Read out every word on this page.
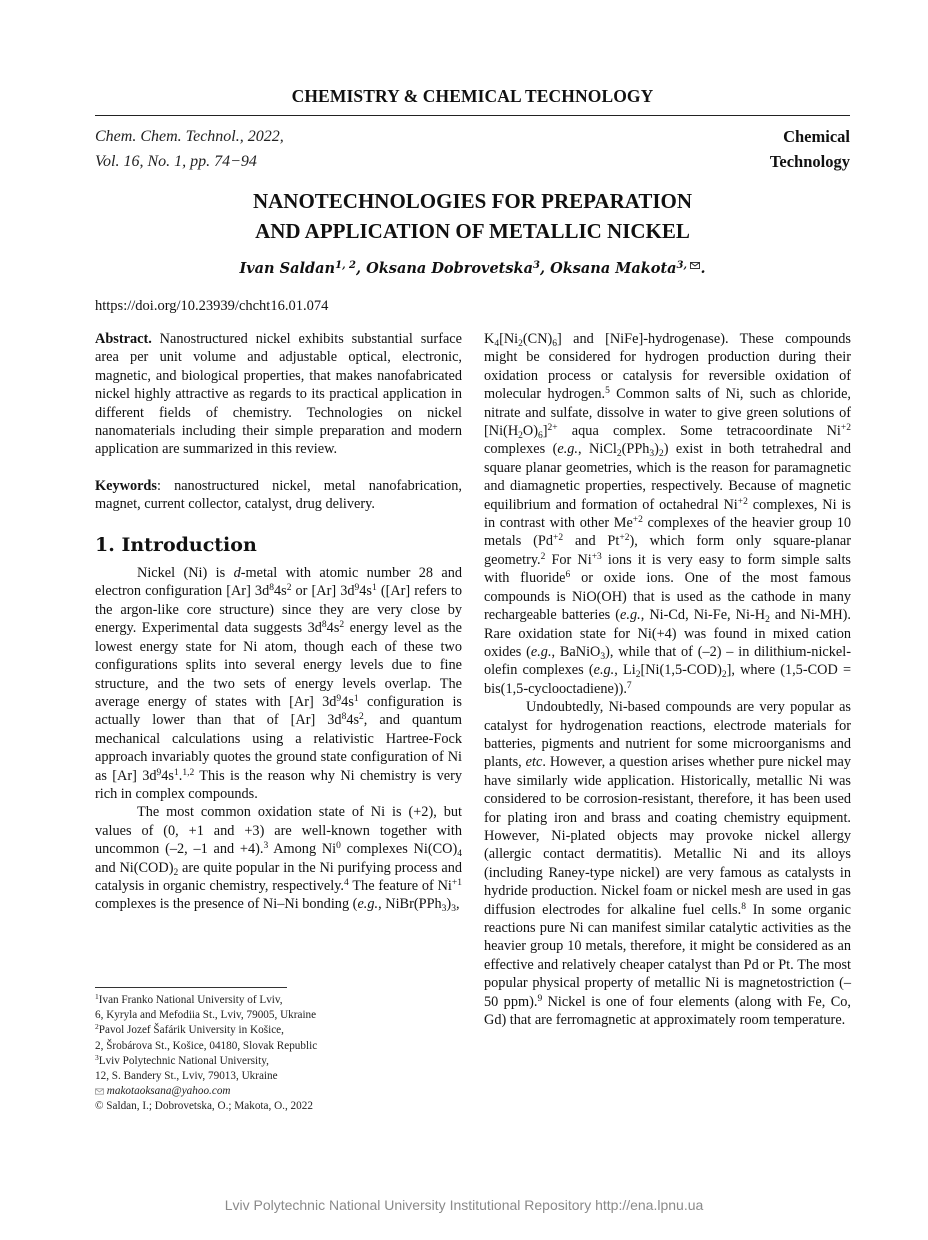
CHEMISTRY & CHEMICAL TECHNOLOGY
Chem. Chem. Technol., 2022,
Vol. 16, No. 1, pp. 74−94
Chemical
Technology
NANOTECHNOLOGIES FOR PREPARATION
AND APPLICATION OF METALLIC NICKEL
Ivan Saldan$^{1, 2}$, Oksana Dobrovetska$^3$, Oksana Makota$^{3,}$ .
https://doi.org/10.23939/chcht16.01.074

Abstract. Nanostructured nickel exhibits substantial surface area per unit volume and adjustable optical, electronic, magnetic, and biological properties, that makes nanofabricated nickel highly attractive as regards to its practical application in different fields of chemistry. Technologies on nickel nanomaterials including their simple preparation and modern application are summarized in this review.

Keywords: nanostructured nickel, metal nanofabrication, magnet, current collector, catalyst, drug delivery.

1. Introduction

Nickel (Ni) is d-metal with atomic number 28 and electron configuration [Ar] $3d^84s^2$ or [Ar] $3d^94s^1$ ([Ar] refers to the argon-like core structure) since they are very close by energy. Experimental data suggests $3d^84s^2$ energy level as the lowest energy state for Ni atom, though each of these two configurations splits into several energy levels due to fine structure, and the two sets of energy levels overlap. The average energy of states with [Ar] $3d^94s^1$ configuration is actually lower than that of [Ar] $3d^84s^2$, and quantum mechanical calculations using a relativistic Hartree-Fock approach invariably quotes the ground state configuration of Ni as [Ar] $3d^94s^1.^{1,2}$ This is the reason why Ni chemistry is very rich in complex compounds.

The most common oxidation state of Ni is (+2), but values of (0, +1 and +3) are well-known together with uncommon (–2, –1 and +4).$^3$ Among Ni$^0$ complexes $Ni(CO)_4$ and $Ni(COD)_2$ are quite popular in the Ni purifying process and catalysis in organic chemistry, respectively.$^4$ The feature of $Ni^{+1}$ complexes is the presence of Ni–Ni bonding (e.g., $NiBr(PPh_3)_3$,

$K_4[Ni_2(CN)_6]$ and [NiFe]-hydrogenase). These compounds might be considered for hydrogen production during their oxidation process or catalysis for reversible oxidation of molecular hydrogen.$^5$ Common salts of Ni, such as chloride, nitrate and sulfate, dissolve in water to give green solutions of $[Ni(H_2O)_6]^{2+}$ aqua complex. Some tetracoordinate $Ni^{+2}$ complexes (e.g., $NiCl_2(PPh_3)_2$) exist in both tetrahedral and square planar geometries, which is the reason for paramagnetic and diamagnetic properties, respectively. Because of magnetic equilibrium and formation of octahedral $Ni^{+2}$ complexes, Ni is in contrast with other $Me^{+2}$ complexes of the heavier group 10 metals ($Pd^{+2}$ and $Pt^{+2}$), which form only square-planar geometry.$^2$ For $Ni^{+3}$ ions it is very easy to form simple salts with fluoride$^6$ or oxide ions. One of the most famous compounds is NiO(OH) that is used as the cathode in many rechargeable batteries (e.g., Ni-Cd, Ni-Fe, $Ni-H_2$ and Ni-MH). Rare oxidation state for Ni(+4) was found in mixed cation oxides (e.g., BaNiO$_3$), while that of (–2) – in dilithium-nickel-olefin complexes (e.g., $Li_2[Ni(1,5-COD)_2]$, where (1,5-COD = bis(1,5-cyclooctadiene)).$^7$

Undoubtedly, Ni-based compounds are very popular as catalyst for hydrogenation reactions, electrode materials for batteries, pigments and nutrient for some microorganisms and plants, etc. However, a question arises whether pure nickel may have similarly wide application. Historically, metallic Ni was considered to be corrosion-resistant, therefore, it has been used for plating iron and brass and coating chemistry equipment. However, Ni-plated objects may provoke nickel allergy (allergic contact dermatitis). Metallic Ni and its alloys (including Raney-type nickel) are very famous as catalysts in hydride production. Nickel foam or nickel mesh are used in gas diffusion electrodes for alkaline fuel cells.$^8$ In some organic reactions pure Ni can manifest similar catalytic activities as the heavier group 10 metals, therefore, it might be considered as an effective and relatively cheaper catalyst than Pd or Pt. The most popular physical property of metallic Ni is magnetostriction (–50 ppm).$^9$ Nickel is one of four elements (along with Fe, Co, Gd) that are ferromagnetic at approximately room temperature.

$^1$Ivan Franko National University of Lviv,
6, Kyryla and Mefodiia St., Lviv, 79005, Ukraine
$^2$Pavol Jozef Šafárik University in Košice,
2, Šrobárova St., Košice, 04180, Slovak Republic
$^3$Lviv Polytechnic National University,
12, S. Bandery St., Lviv, 79013, Ukraine
makotaoksana@yahoo.com
© Saldan, I.; Dobrovetska, O.; Makota, O., 2022
Lviv Polytechnic National University Institutional Repository http://ena.lpnu.ua
